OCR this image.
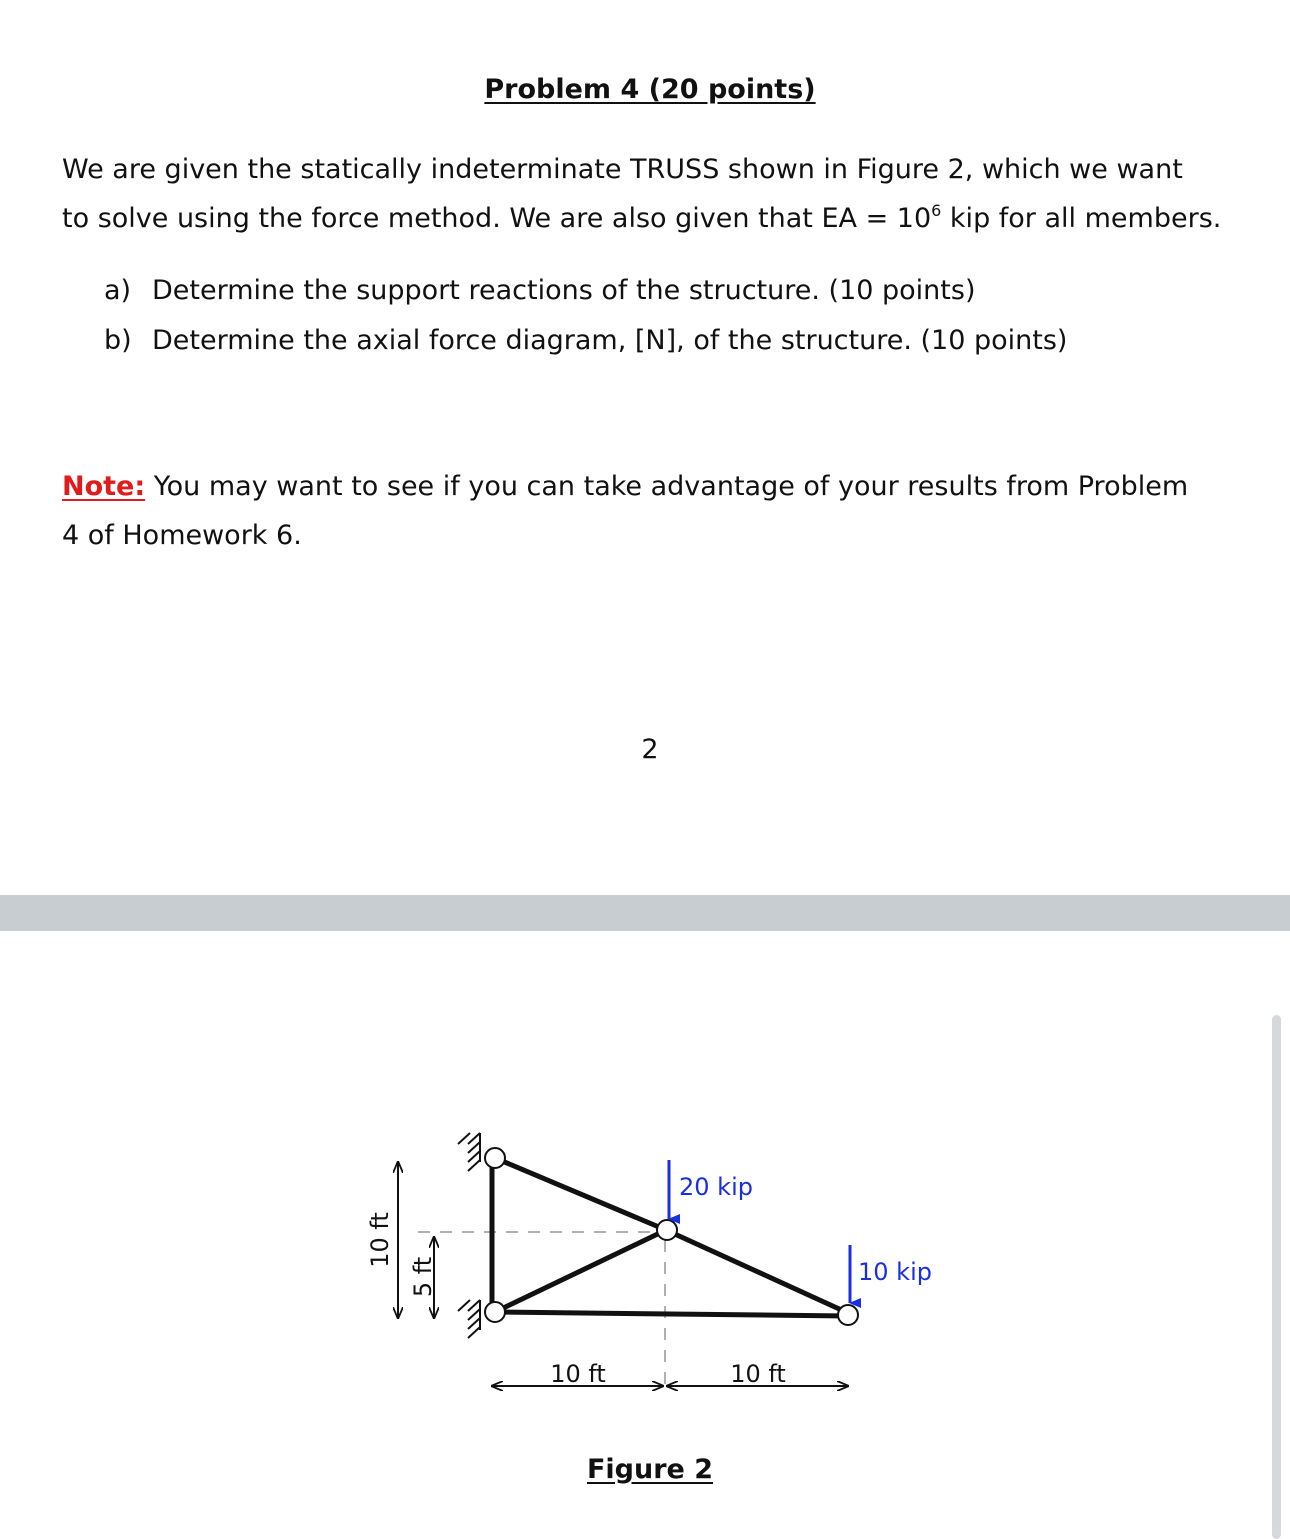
Problem 4 (20 points)
We are given the statically indeterminate TRUSS shown in Figure 2, which we want
to solve using the force method. We are also given that EA = $10^6$ kip for all members.
a) Determine the support reactions of the structure. (10 points)
b) Determine the axial force diagram, [N], of the structure. (10 points)
Note: You may want to see if you can take advantage of your results from Problem
4 of Homework 6.
2
20 kip
10 kip
10 ft
5 ft
10 ft	10 ft
Figure 2
